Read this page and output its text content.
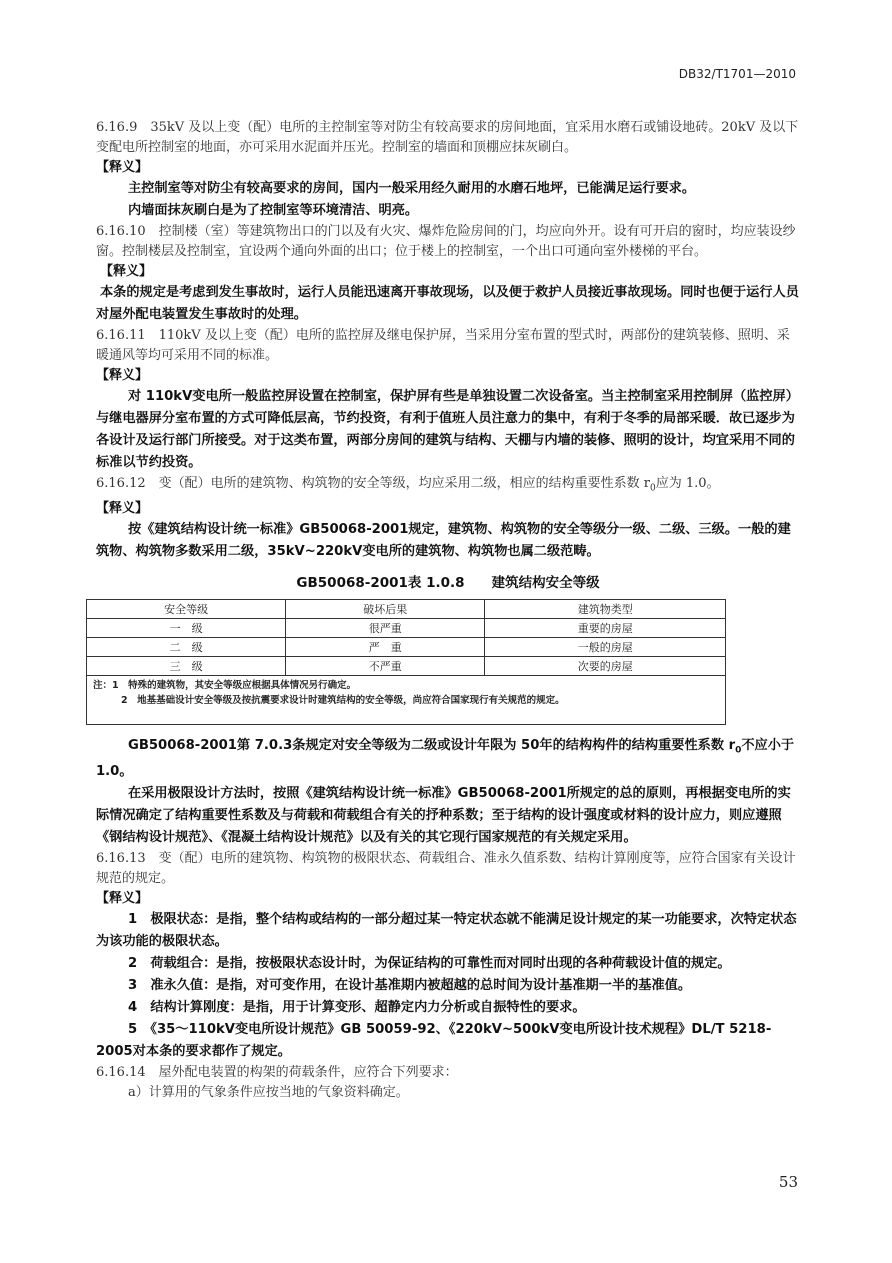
DB32/T1701—2010

6.16.9　35kV 及以上变（配）电所的主控制室等对防尘有较高要求的房间地面，宜采用水磨石或铺设地砖。20kV 及以下变配电所控制室的地面，亦可采用水泥面并压光。控制室的墙面和顶棚应抹灰刷白。

【释义】

主控制室等对防尘有较高要求的房间，国内一般采用经久耐用的水磨石地坪，已能满足运行要求。

内墙面抹灰刷白是为了控制室等环境清洁、明亮。

6.16.10　控制楼（室）等建筑物出口的门以及有火灾、爆炸危险房间的门，均应向外开。设有可开启的窗时，均应装设纱窗。控制楼层及控制室，宜设两个通向外面的出口；位于楼上的控制室，一个出口可通向室外楼梯的平台。

【释义】

本条的规定是考虑到发生事故时，运行人员能迅速离开事故现场，以及便于救护人员接近事故现场。同时也便于运行人员对屋外配电装置发生事故时的处理。

6.16.11　110kV 及以上变（配）电所的监控屏及继电保护屏，当采用分室布置的型式时，两部份的建筑装修、照明、采暖通风等均可采用不同的标准。

【释义】

对 110kV变电所一般监控屏设置在控制室，保护屏有些是单独设置二次设备室。当主控制室采用控制屏（监控屏）与继电器屏分室布置的方式可降低层高，节约投资，有利于值班人员注意力的集中，有利于冬季的局部采暖．故已逐步为各设计及运行部门所接受。对于这类布置，两部分房间的建筑与结构、天棚与内墙的装修、照明的设计，均宜采用不同的标准以节约投资。

6.16.12　变（配）电所的建筑物、构筑物的安全等级，均应采用二级，相应的结构重要性系数 $r_0$应为 1.0。

【释义】

按《建筑结构设计统一标准》GB50068-2001规定，建筑物、构筑物的安全等级分一级、二级、三级。一般的建筑物、构筑物多数采用二级，35kV~220kV变电所的建筑物、构筑物也属二级范畴。

GB50068-2001表 1.0.8　　建筑结构安全等级
安全等级	破坏后果	建筑物类型
一　级	很严重	重要的房屋
二　级	严　重	一般的房屋
三　级	不严重	次要的房屋

注：1　特殊的建筑物，其安全等级应根据具体情况另行确定。
2　地基基础设计安全等级及按抗震要求设计时建筑结构的安全等级，尚应符合国家现行有关规范的规定。		

GB50068-2001第 7.0.3条规定对安全等级为二级或设计年限为 50年的结构构件的结构重要性系数 $r_0$不应小于 1.0。

在采用极限设计方法时，按照《建筑结构设计统一标准》GB50068-2001所规定的总的原则，再根据变电所的实际情况确定了结构重要性系数及与荷载和荷载组合有关的抒种系数；至于结构的设计强度或材料的设计应力，则应遵照《钢结构设计规范》、《混凝土结构设计规范》以及有关的其它现行国家规范的有关规定采用。

6.16.13　变（配）电所的建筑物、构筑物的极限状态、荷载组合、准永久值系数、结构计算刚度等，应符合国家有关设计规范的规定。

【释义】

1　极限状态：是指，整个结构或结构的一部分超过某一特定状态就不能满足设计规定的某一功能要求，次特定状态为该功能的极限状态。

2　荷载组合：是指，按极限状态设计时，为保证结构的可靠性而对同时出现的各种荷载设计值的规定。

3　准永久值：是指，对可变作用，在设计基准期内被超越的总时间为设计基准期一半的基准值。

4　结构计算刚度：是指，用于计算变形、超静定内力分析或自振特性的要求。

5　《35～110kV变电所设计规范》GB 50059-92、《220kV~500kV变电所设计技术规程》DL/T 5218-2005对本条的要求都作了规定。

6.16.14　屋外配电装置的构架的荷载条件，应符合下列要求：

a）计算用的气象条件应按当地的气象资料确定。

53
